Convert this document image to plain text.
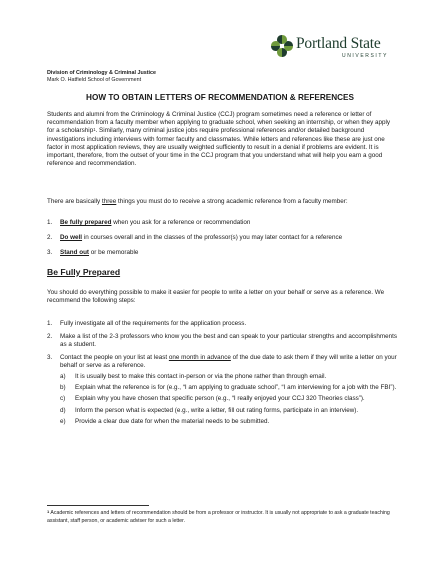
Portland State
UNIVERSITY
Division of Criminology & Criminal Justice
Mark O. Hatfield School of Government
HOW TO OBTAIN LETTERS OF RECOMMENDATION & REFERENCES

Students and alumni from the Criminology & Criminal Justice (CCJ) program sometimes need a reference or letter of recommendation from a faculty member when applying to graduate school, when seeking an internship, or when they apply for a scholarship$^1$. Similarly, many criminal justice jobs require professional references and/or detailed background investigations including interviews with former faculty and classmates. While letters and references like these are just one factor in most application reviews, they are usually weighted sufficiently to result in a denial if problems are evident. It is important, therefore, from the outset of your time in the CCJ program that you understand what will help you earn a good reference and recommendation.

There are basically three things you must do to receive a strong academic reference from a faculty member:

1. Be fully prepared when you ask for a reference or recommendation
2. Do well in courses overall and in the classes of the professor(s) you may later contact for a reference
3. Stand out or be memorable
Be Fully Prepared

You should do everything possible to make it easier for people to write a letter on your behalf or serve as a reference. We recommend the following steps:

1. Fully investigate all of the requirements for the application process.
2. Make a list of the 2-3 professors who know you the best and can speak to your particular strengths and accomplishments as a student.
3. Contact the people on your list at least one month in advance of the due date to ask them if they will write a letter on your behalf or serve as a reference.
a) It is usually best to make this contact in-person or via the phone rather than through email.
b) Explain what the reference is for (e.g., “I am applying to graduate school”, “I am interviewing for a job with the FBI”).
c) Explain why you have chosen that specific person (e.g., “I really enjoyed your CCJ 320 Theories class”).
d) Inform the person what is expected (e.g., write a letter, fill out rating forms, participate in an interview).
e) Provide a clear due date for when the material needs to be submitted.
$^1$ Academic references and letters of recommendation should be from a professor or instructor. It is usually not appropriate to ask a graduate teaching assistant, staff person, or academic adviser for such a letter.
